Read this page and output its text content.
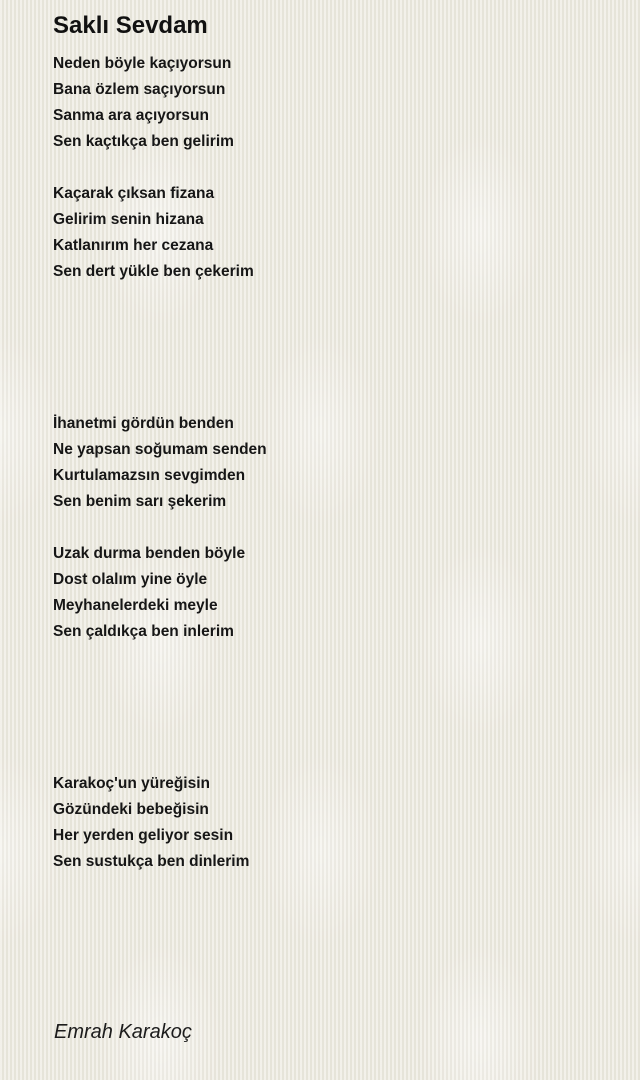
Saklı Sevdam
Neden böyle kaçıyorsun
Bana özlem saçıyorsun
Sanma ara açıyorsun
Sen kaçtıkça ben gelirim
Kaçarak çıksan fizana
Gelirim senin hizana
Katlanırım her cezana
Sen dert yükle ben çekerim
İhanetmi gördün benden
Ne yapsan soğumam senden
Kurtulamazsın sevgimden
Sen benim sarı şekerim
Uzak durma benden böyle
Dost olalım yine öyle
Meyhanelerdeki meyle
Sen çaldıkça ben inlerim
Karakoç'un yüreğisin
Gözündeki bebeğisin
Her yerden geliyor sesin
Sen sustukça ben dinlerim
Emrah Karakoç
